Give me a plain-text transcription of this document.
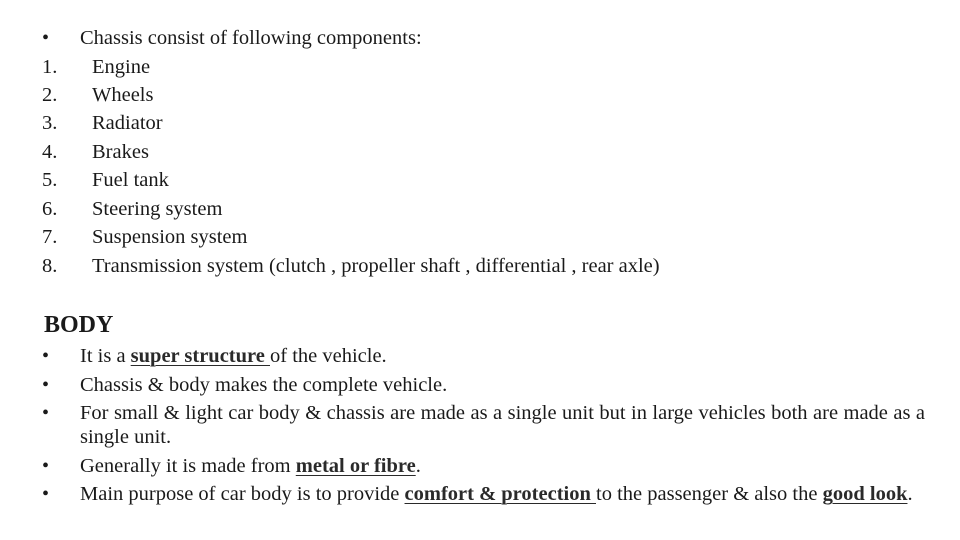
• Chassis consist of following components:
1. Engine
2. Wheels
3. Radiator
4. Brakes
5. Fuel tank
6. Steering system
7. Suspension system
8. Transmission system (clutch , propeller shaft , differential , rear axle)
BODY
• It is a super structure of the vehicle.
• Chassis & body makes the complete vehicle.
• For small & light car body & chassis are made as a single unit but in large vehicles both are made as a single unit.
• Generally it is made from metal or fibre.
• Main purpose of car body is to provide comfort & protection to the passenger & also the good look.
